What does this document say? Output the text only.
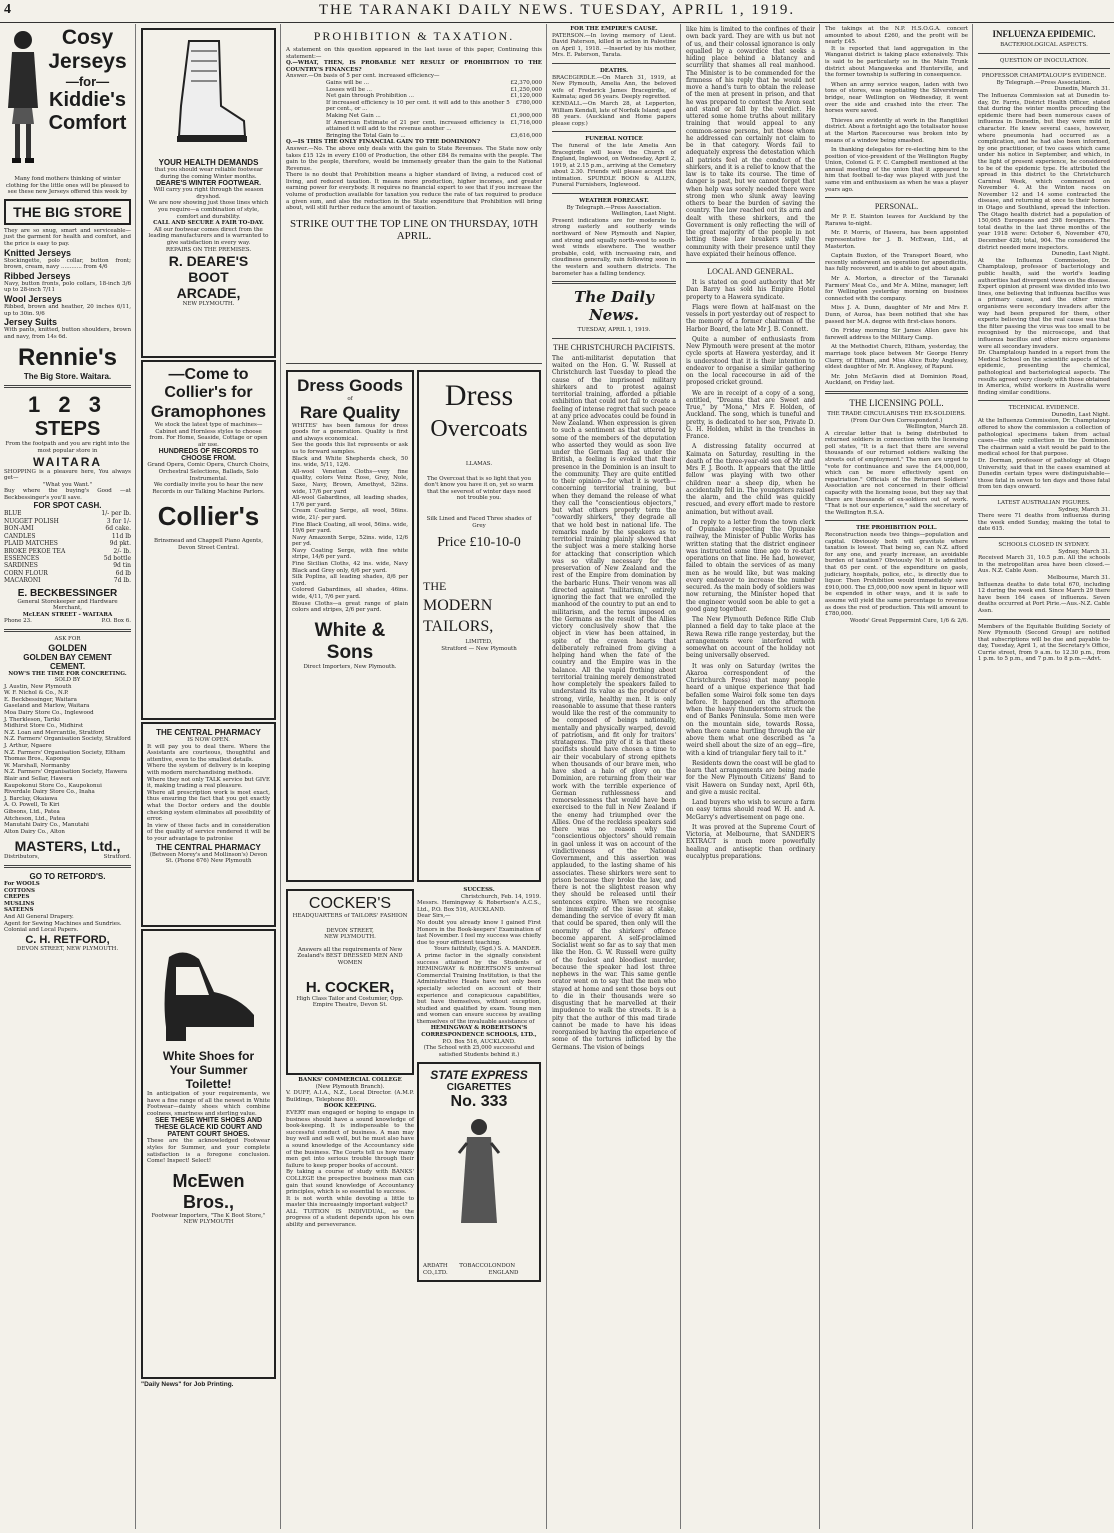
4	THE TARANAKI DAILY NEWS. TUESDAY, APRIL 1, 1919.
Cosy
Jerseys
—for—
Kiddie's
Comfort
Many fond mothers thinking of winter clothing for the little ones will be pleased to see these new Jerseys offered this week by
THE BIG STORE
They are so snug, smart and serviceable—just the garment for health and comfort, and the price is easy to pay.
Knitted Jerseys
Stockingette, polo collar, button front; brown, cream, navy ............ from 4/6
Ribbed Jerseys
Navy, button fronts, polo collars, 18-inch 3/6 up to 28-inch 7/11
Wool Jerseys
Ribbed, brown and heather, 20 inches 6/11, up to 30in. 9/6
Jersey Suits
With pants, knitted, button shoulders, brown and navy, from 14s 6d.
Rennie's
The Big Store. Waitara.
1 2 3
STEPS
From the footpath and you are right into the most popular store in
WAITARA
SHOPPING is a pleasure here, You always get—
"What you Want."
Buy where the buying's Good —at Beckbessinger's you'll save.
FOR SPOT CASH.
BLUE	1/- per lb.
NUGGET POLISH	3 for 1/-
BON-AMI	6d cake.
CANDLES	11d lb
PLAID MATCHES	9d pkt.
BROKE PEKOE TEA	2/- lb.
ESSENCES	5d bottle
SARDINES	9d tin
CORN FLOUR	6d lb
MACARONI	7d lb.
E. BECKBESSINGER
General Storekeeper and Hardware Merchant,
McLEAN STREET - WAITARA
Phone 23.	P.O. Box 6.
ASK FOR
GOLDEN
GOLDEN BAY CEMENT
CEMENT.
NOW'S THE TIME FOR CONCRETING.
SOLD BY
J. Austin, New Plymouth
W. F. Nichol & Co., N.P.
E. Beckbessinger, Waitara
Gaseland and Marlow, Waitara
Moa Dairy Store Co., Inglewood
J. Therkleson, Tariki
Midhirst Store Co., Midhirst
N.Z. Loan and Mercantile, Stratford
N.Z. Farmers' Organisation Society, Stratford
J. Arthur, Ngaere
N.Z. Farmers' Organisation Society, Eltham
Thomas Bros., Kaponga
W. Marshall, Normanby
N.Z. Farmers' Organisation Society, Hawera
Blair and Sellar, Hawera
Kaupokonui Store Co., Kaupokonui
Riverdale Dairy Store Co., Inaha
J. Barclay, Okaiawa
A. O. Powell, Te Kiri
Gibsons, Ltd., Patea
Aitcheson, Ltd., Patea
Manutahi Dairy Co., Manutahi
Alton Dairy Co., Alton
MASTERS, Ltd.,
Distributors,	Stratford.
GO TO RETFORD'S.
For WOOLS
COTTONS
CREPES
MUSLINS
SATEENS
And All General Drapery.
Agent for Sewing Machines and Sundries.
Colonial and Local Papers.
C. H. RETFORD,
DEVON STREET, NEW PLYMOUTH.
YOUR HEALTH DEMANDS
that you should wear reliable footwear during the coming Winter months.
DEARE'S WINTER FOOTWEAR.
Will carry you right through the season dryshod.
We are now showing just those lines which you require—a combination of style, comfort and durability.
CALL AND SECURE A FAIR TO-DAY.
All our footwear comes direct from the leading manufacturers and is warranted to give satisfaction in every way.
REPAIRS ON THE PREMISES.
R. DEARE'S
BOOT
ARCADE,
NEW PLYMOUTH.
—Come to
Collier's for
Gramophones
We stock the latest type of machines—Cabinet and Hornless styles to choose from. For Home, Seaside, Cottage or open air use.
HUNDREDS OF RECORDS TO CHOOSE FROM.
Grand Opera, Comic Opera, Church Choirs, Orchestral Selections, Ballads, Solo Instrumental.
We cordially invite you to hear the new Records in our Talking Machine Parlors.
Collier's
Brinsmead and Chappell Piano Agents, Devon Street Central.
THE CENTRAL PHARMACY
IS NOW OPEN.
It will pay you to deal there. Where the Assistants are courteous, thoughtful and attentive, even to the smallest details.
Where the system of delivery is in keeping with modern merchandising methods.
Where they not only TALK service but GIVE it, making trading a real pleasure.
Where all prescription work is most exact, thus ensuring the fact that you get exactly what the Doctor orders and the double checking system eliminates all possibility of error.
In view of these facts and in consideration of the quality of service rendered it will be to your advantage to patronise
THE CENTRAL PHARMACY
(Between Morey's and Mollinson's) Devon St. (Phone 676) New Plymouth
White Shoes for
Your Summer
Toilette!
In anticipation of your requirements, we have a fine range of all the newest in White Footwear—dainty shoes which combine coolness, smartness and sterling value.
SEE THESE WHITE SHOES AND THESE GLACE KID COURT AND PATENT COURT SHOES.
These are the acknowledged Footwear styles for Summer, and your complete satisfaction is a foregone conclusion. Come! Inspect! Select!
McEwen Bros.,
Footwear Importers, "The K Boot Store,"
NEW PLYMOUTH
"Daily News" for Job Printing.
PROHIBITION & TAXATION.
A statement on this question appeared in the last issue of this paper, Continuing this statement:—
Q.—WHAT, THEN, IS PROBABLE NET RESULT OF PROHIBITION TO THE COUNTRY'S FINANCES?
Answer.—On basis of 5 per cent. increased efficiency—
Gains will be ...	£2,370,000
Losses will be ...	£1,250,000
Net gain through Prohibition ...	£1,120,000
If increased efficiency is 10 per cent. it will add to this another 5 per cent., or ...
£780,000
Making Net Gain ...	£1,900,000
If American Estimate of 21 per cent. increased efficiency is attained it will add to the revenue another ...
£1,716,000
Bringing the Total Gain to ...	£3,616,000
Q.—IS THIS THE ONLY FINANCIAL GAIN TO THE DOMINION?
Answer.—No. The above only deals with the gain to State Revenues. The State now only takes £15 12s in every £100 of Production, the other £84 8s remains with the people. The gain to the people, therefore, would be immensely greater than the gain to the National Revenue.
There is no doubt that Prohibition means a higher standard of living, a reduced cost of living, and reduced taxation. It means more production, higher incomes, and greater earning power for everybody. It requires no financial expert to see that if you increase the volume of production available for taxation you reduce the rate of tax required to produce a given sum, and also the reduction in the State expenditure that Prohibition will bring about, will still further reduce the amount of taxation.
STRIKE OUT THE TOP LINE ON THURSDAY, 10TH APRIL.
Dress Goods
of
Rare Quality
WHITES' has been famous for dress goods for a generation. Quality is first and always economical.
See the goods this list represents or ask us to forward samples.
Black and White Shepherds check, 50 ins. wide, 5/11, 12/6.
All-wool Venetian Cloths—very fine quality, colors Veinz Rose, Grey, Nole, Saxe, Navy, Brown, Amethyst, 52ins. wide, 17/6 per yard
All-wool Gabardines, all leading shades, 17/6 per yard.
Cream Coating Serge, all wool, 56ins. wide, 21/- per yard.
Fine Black Coating, all wool, 56ins. wide, 19/6 per yard.
Navy Amazonth Serge, 52ins. wide, 12/6 per yd.
Navy Coating Serge, with fine white stripe, 14/6 per yard.
Fine Sicilian Cloths, 42 ins. wide, Navy Black and Grey only, 6/6 per yard.
Silk Poplins, all leading shades, 8/6 per yard.
Colored Gabardines, all shades, 46ins. wide, 4/11, 7/6 per yard.
Blouse Cloths—a great range of plain colors and stripes, 2/6 per yard.
White & Sons
Direct Importers, New Plymouth.
Dress
Overcoats
LLAMAS.
The Overcoat that is so light that you don't know you have it on, yet so warm that the severest of winter days need not trouble you.
Silk Lined and Faced Three shades of Grey
Price £10-10-0
THE
MODERN
TAILORS,
LIMITED,
Stratford — New Plymouth
COCKER'S
HEADQUARTERS of TAILORS' FASHION
DEVON STREET,
NEW PLYMOUTH.
Answers all the requirements of New Zealand's BEST DRESSED MEN AND WOMEN
H. COCKER,
High Class Tailor and Costumier, Opp. Empire Theatre, Devon St.
BANKS' COMMERCIAL COLLEGE
(New Plymouth Branch).
V. DUFF, A.I.A., N.Z., Local Director. (A.M.P. Buildings, Telephone 80).
BOOK KEEPING.
EVERY man engaged or hoping to engage in business should have a sound knowledge of book-keeping. It is indispensable to the successful conduct of business. A man may buy well and sell well, but he must also have a sound knowledge of the Accountancy side of the business. The Courts tell us how many men get into serious trouble through their failure to keep proper books of account.
By taking a course of study with BANKS' COLLEGE the prospective business man can gain that sound knowledge of Accountancy principles, which is so essential to success.
It is not worth while devoting a little to master this increasingly important subject?
ALL TUITION IS INDIVIDUAL, so the progress of a student depends upon his own ability and perseverance.
SUCCESS.
Christchurch, Feb. 14, 1919.
Messrs. Hemingway & Robertson's A.C.S., Ltd., P.O. Box 516, AUCKLAND.
Dear Sirs,—
No doubt you already know I gained First Honors in the Book-keepers' Examination of last November. I feel my success was chiefly due to your efficient teaching.
Yours faithfully, (Sgd.) S. A. MANDER.
A prime factor in the signally consistent success attained by the Students of HEMINGWAY & ROBERTSON'S universal Commercial Training Institution, is that the Administrative Heads have not only been specially selected on account of their experience and conspicuous capabilities, but have themselves, without exception, studied and qualified by exam. Young men and women can ensure success by availing themselves of the invaluable assistance of
HEMINGWAY & ROBERTSON'S CORRESPONDENCE SCHOOLS, LTD.,
P.O. Box 516, AUCKLAND.
(The School with 25,000 successful and satisfied Students behind it.)
STATE EXPRESS
CIGARETTES
No. 333
ARDATH TOBACCO CO.,LTD.
LONDON ENGLAND
FOR THE EMPIRE'S CAUSE.
PATERSON.—In loving memory of Lieut. David Paterson, killed in action in Palestine on April 1, 1918. —Inserted by his mother, Mrs. E. Paterson, Tarata.
DEATHS.
BRACEGIRDLE.—On March 31, 1919, at New Plymouth, Amelia Ann, the beloved wife of Frederick James Bracegirdle, of Kaimata; aged 56 years. Deeply regretted.
KENDALL.—On March 28, at Lepperton, William Kendall, late of Norfolk Island; aged 88 years. (Auckland and Home papers please copy.)
FUNERAL NOTICE
The funeral of the late Amelia Ann Bracegirdle will leave the Church of England, Inglewood, on Wednesday, April 2, 1919, at 2.15 p.m., arriving at the Cemetery about 2.30. Friends will please accept this intimation. SPURDLE BOON & ALLEN, Funeral Furnishers, Inglewood.
WEATHER FORECAST.
By Telegraph.—Press Association.
Wellington, Last Night.
Present indications are for moderate to strong easterly and southerly winds northward of New Plymouth and Napier, and strong and squally north-west to south-west winds elsewhere. The weather probable, cold, with increasing rain, and cloudiness generally, rain following soon in the western and southern districts. The barometer has a falling tendency.
The Daily News.
TUESDAY, APRIL 1, 1919.
THE CHRISTCHURCH PACIFISTS.
The anti-militarist deputation that waited on the Hon. G. W. Russell at Christchurch last Tuesday to plead the cause of the imprisoned military shirkers and to protest against territorial training, afforded a pitiable exhibition that could not fail to create a feeling of intense regret that such peace at any price advocates could be found in New Zealand. When expression is given to such a sentiment as that uttered by some of the members of the deputation who asserted they would as soon live under the German flag as under the British, a feeling is evoked that their presence in the Dominion is an insult to the community. They are quite entitled to their opinion—for what it is worth—concerning territorial training, but when they demand the release of what they call the "conscientious objectors," but what others properly term the "cowardly shirkers," they degrade all that we hold best in national life. The remarks made by the speakers as to territorial training plainly showed that the subject was a mere stalking horse for attacking that conscription which was so vitally necessary for the preservation of New Zealand and the rest of the Empire from domination by the barbaric Huns. Their venom was all directed against "militarism," entirely ignoring the fact that we enrolled the manhood of the country to put an end to militarism, and the terms imposed on the Germans as the result of the Allies victory conclusively show that the object in view has been attained, in spite of the craven hearts that deliberately refrained from giving a helping hand when the fate of the country and the Empire was in the balance. All the vapid frothing about territorial training merely demonstrated how completely the speakers failed to understand its value as the producer of strong, virile, healthy men. It is only reasonable to assume that these ranters would like the rest of the community to be composed of beings nationally, mentally and physically warped, devoid of patriotism, and fit only for traitors' stratagems. The pity of it is that these pacifists should have chosen a time to air their vocabulary of strong epithets when thousands of our brave men, who have shed a halo of glory on the Dominion, are returning from their war work with the terrible experience of German ruthlessness and remorselessness that would have been exercised to the full in New Zealand if the enemy had triumphed over the Allies. One of the reckless speakers said there was no reason why the "conscientious objectors" should remain in gaol unless it was on account of the vindictiveness of the National Government, and this assertion was applauded, to the lasting shame of his associates. These shirkers were sent to prison because they broke the law, and there is not the slightest reason why they should be released until their sentences expire. When we recognise the immensity of the issue at stake, demanding the service of every fit man that could be spared, then only will the enormity of the shirkers' offence become apparent. A self-proclaimed Socialist went so far as to say that men like the Hon. G. W. Russell were guilty of the foulest and bloodiest murder, because the speaker had lost three nephews in the war. This same gentle orator went on to say that the men who stayed at home and sent those boys out to die in their thousands were so disgusting that he marvelled at their impudence to walk the streets. It is a pity that the author of this mad tirade cannot be made to have his ideas reorganised by having the experience of some of the tortures inflicted by the Germans. The vision of beings
like him is limited to the confines of their own back yard. They are with us but not of us, and their colossal ignorance is only equalled by a cowardice that seeks a hiding place behind a blatancy and scurrility that shames all real manhood. The Minister is to be commended for the firmness of his reply that he would not move a hand's turn to obtain the release of the men at present in prison, and that he was prepared to contest the Avon seat and stand or fall by the verdict. He uttered some home truths about military training that would appeal to any common-sense persons, but those whom he addressed can certainly not claim to be in that category. Words fail to adequately express the detestation which all patriots feel at the conduct of the shirkers, and it is a relief to know that the law is to take its course. The time of danger is past, but we cannot forget that when help was sorely needed there were strong men who slunk away leaving others to bear the burden of saving the country. The law reached out its arm and dealt with these shirkers, and the Government is only reflecting the will of the great majority of the people in not letting these law breakers sully the community with their presence until they have expiated their heinous offence.
LOCAL AND GENERAL.

It is stated on good authority that Mr Dan Barry has sold his Empire Hotel property to a Hawera syndicate.

Flags were flown at half-mast on the vessels in port yesterday out of respect to the memory of a former chairman of the Harbor Board, the late Mr J. B. Connett.

Quite a number of enthusiasts from New Plymouth were present at the motor cycle sports at Hawera yesterday, and it is understood that it is their intention to endeavor to organise a similar gathering on the local racecourse in aid of the proposed cricket ground.

We are in receipt of a copy of a song, entitled, "Dreams that are Sweet and True," by "Mona," Mrs F. Holden, of Auckland. The song, which is tuneful and pretty, is dedicated to her son, Private D. G. H. Holden, whilst in the trenches in France.

A distressing fatality occurred at Kaimata on Saturday, resulting in the death of the three-year-old son of Mr and Mrs F. J. Booth. It appears that the little fellow was playing with two other children near a sheep dip, when he accidentally fell in. The youngsters raised the alarm, and the child was quickly rescued, and every effort made to restore animation, but without avail.

In reply to a letter from the town clerk of Opunake respecting the Opunake railway, the Minister of Public Works has written stating that the district engineer was instructed some time ago to re-start operations on that line. He had, however, failed to obtain the services of as many men as he would like, but was making every endeavor to increase the number secured. As the main body of soldiers was now returning, the Minister hoped that the engineer would soon be able to get a good gang together.

The New Plymouth Defence Rifle Club planned a field day to take place at the Rewa Rewa rifle range yesterday, but the arrangements were interfered with somewhat on account of the holiday not being universally observed.

It was only on Saturday (writes the Akaroa correspondent of the Christchurch Press) that many people heard of a unique experience that had befallen some Wairoi folk some ten days before. It happened on the afternoon when the heavy thunderstorm struck the end of Banks Peninsula. Some men were on the mountain side, towards Rossa, when there came hurtling through the air above them what one described as "a weird shell about the size of an egg—fire, with a kind of triangular fiery tail to it."

Residents down the coast will be glad to learn that arrangements are being made for the New Plymouth Citizens' Band to visit Hawera on Sunday next, April 6th, and give a music recital.

Land buyers who wish to secure a farm on easy terms should read W. H. and A. McGarry's advertisement on page one.

It was proved at the Supreme Court of Victoria, at Melbourne, that SANDER'S EXTRACT is much more powerfully healing and antiseptic than ordinary eucalyptus preparations.

The takings at the N.P. H.S.O.G.A. concert amounted to about £260, and the profit will be nearly £45.

It is reported that land aggregation in the Wanganui district is taking place extensively. This is said to be particularly so in the Main Trunk district about Mangaweka and Hunterville, and the former township is suffering in consequence.

When an army service wagon, laden with two tons of stores, was negotiating the Silverstream bridge, near Wellington on Wednesday, it went over the side and crashed into the river. The horses were saved.

Thieves are evidently at work in the Rangitikei district. About a fortnight ago the totalisator house at the Marton Racecourse was broken into by means of a window being smashed.

In thanking delegates for re-electing him to the position of vice-president of the Wellington Rugby Union, Colonel G. F. C. Campbell mentioned at the annual meeting of the union that it appeared to him that football to-day was played with just the same vim and enthusiasm as when he was a player years ago.

PERSONAL.

Mr P. E. Stainton leaves for Auckland by the Rarawa to-night.

Mr. P. Morris, of Hawera, has been appointed representative for J. B. McEwan, Ltd., at Masterton.

Captain Buxton, of the Transport Board, who recently underwent an operation for appendicitis, has fully recovered, and is able to get about again.

Mr A. Morton, a director of the Taranaki Farmers' Meat Co., and Mr A. Milne, manager, left for Wellington yesterday morning on business connected with the company.

Miss J. A. Dunn, daughter of Mr and Mrs F. Dunn, of Auroa, has been notified that she has passed her M.A. degree with first-class honors.

On Friday morning Sir James Allen gave his farewell address to the Military Camp.

At the Methodist Church, Eltham, yesterday, the marriage took place between Mr George Henry Clarry, of Eltham, and Miss Alice Ruby Anglesey, eldest daughter of Mr. R. Anglesey, of Rapuni.

Mr. John McGavin died at Dominion Road, Auckland, on Friday last.

THE LICENSING POLL.
THE TRADE CIRCULARISES THE EX-SOLDIERS.
(From Our Own Correspondent.)
Wellington, March 28.
A circular letter that is being distributed to returned soldiers in connection with the licensing poll states, "It is a fact that there are several thousands of our returned soldiers walking the streets out of employment." The men are urged to "vote for continuance and save the £4,000,000, which can be more effectively spent on repatriation." Officials of the Returned Soldiers' Association are not concerned in their official capacity with the licensing issue, but they say that there are thousands of ex-soldiers out of work. "That is not our experience," said the secretary of the Wellington R.S.A.
THE PROHIBITION POLL.
Reconstruction needs two things—population and capital. Obviously both will gravitate where taxation is lowest. That being so, can N.Z. afford for any one, and yearly increase, an avoidable burden of taxation? Obviously No! It is admitted that 65 per cent. of the expenditure on gaols, judiciary, hospitals, police, etc., is directly due to liquor. Then Prohibition would immediately save £910,000. The £5,000,000 now spent in liquor will be expended in other ways, and it is safe to assume will yield the same percentage to revenue as does the rest of production. This will amount to £780,000.
Woods' Great Peppermint Cure, 1/6 & 2/6.
INFLUENZA EPIDEMIC.
BACTERIOLOGICAL ASPECTS.
QUESTION OF INOCULATION.
PROFESSOR CHAMPTALOUP'S EVIDENCE.
By Telegraph.—Press Association.
Dunedin, March 31.
The Influenza Commission sat at Dunedin to-day, Dr. Farris, District Health Officer, stated that during the winter months preceding the epidemic there had been numerous cases of influenza in Dunedin, but they were mild in character. He knew several cases, however, where pneumonia had occurred as a complication, and he had also been informed, by one practitioner, of two cases which came under his notice in September, and which, in the light of present experience, he considered to be of the epidemic type. He attributed the spread in this district to the Christchurch Carnival Week, which commenced on November 4. At the Winton races on November 12 and 14 some contracted the disease, and returning at once to their homes in Otago and Southland, spread the infection. The Otago health district had a population of 150,065 Europeans and 298 foreigners. The total deaths in the last three months of the year 1918 were: October 6, November 470, December 428; total, 904. The considered the district needed more inspectors.
Dunedin, Last Night.
At the Influenza Commission, Dr. Champtaloup, professor of bacteriology and public health, said the world's leading authorities had divergent views on the disease. Expert opinion at present was divided into two lines, one believing that influenza bacillus was a primary cause, and the other micro organisms were secondary invaders after the way had been prepared for them, other experts believing that the real cause was that the filter passing the virus was too small to be recognised by the microscope, and that influenza bacillus and other micro organisms were all secondary invaders.
Dr. Champtaloup handed in a report from the Medical School on the scientific aspects of the epidemic, presenting the chemical, pathological and bacteriological aspects. The results agreed very closely with those obtained in America, whilst workers in Australia were finding similar conditions.
TECHNICAL EVIDENCE.
Dunedin, Last Night.
At the Influenza Commission, Dr. Champtaloup offered to show the commission a collection of pathological specimens taken from actual cases—the only collection in the Dominion. The chairman said a visit would be paid to the medical school for that purpose.
Dr. Dorman, professor of pathology at Otago University, said that in the cases examined at Dunedin certain types were distinguishable—those fatal in seven to ten days and those fatal from ten days onward.
LATEST AUSTRALIAN FIGURES.
Sydney, March 31.
There were 71 deaths from influenza during the week ended Sunday, making the total to date 615.
SCHOOLS CLOSED IN SYDNEY.
Sydney, March 31.
Received March 31, 10.5 p.m. All the schools in the metropolitan area have been closed.—Aus. N.Z. Cable Assn.
Melbourne, March 31.
Influenza deaths to date total 670, including 12 during the week end. Since March 29 there have been 164 cases of influenza. Seven deaths occurred at Port Pirie.—Aus.-N.Z. Cable Assn.
Members of the Equitable Building Society of New Plymouth (Second Group) are notified that subscriptions will be due and payable to-day, Tuesday, April 1, at the Secretary's Office, Currie street, from 9 a.m. to 12.30 p.m., from 1 p.m. to 5 p.m., and 7 p.m. to 8 p.m.—Advt.
